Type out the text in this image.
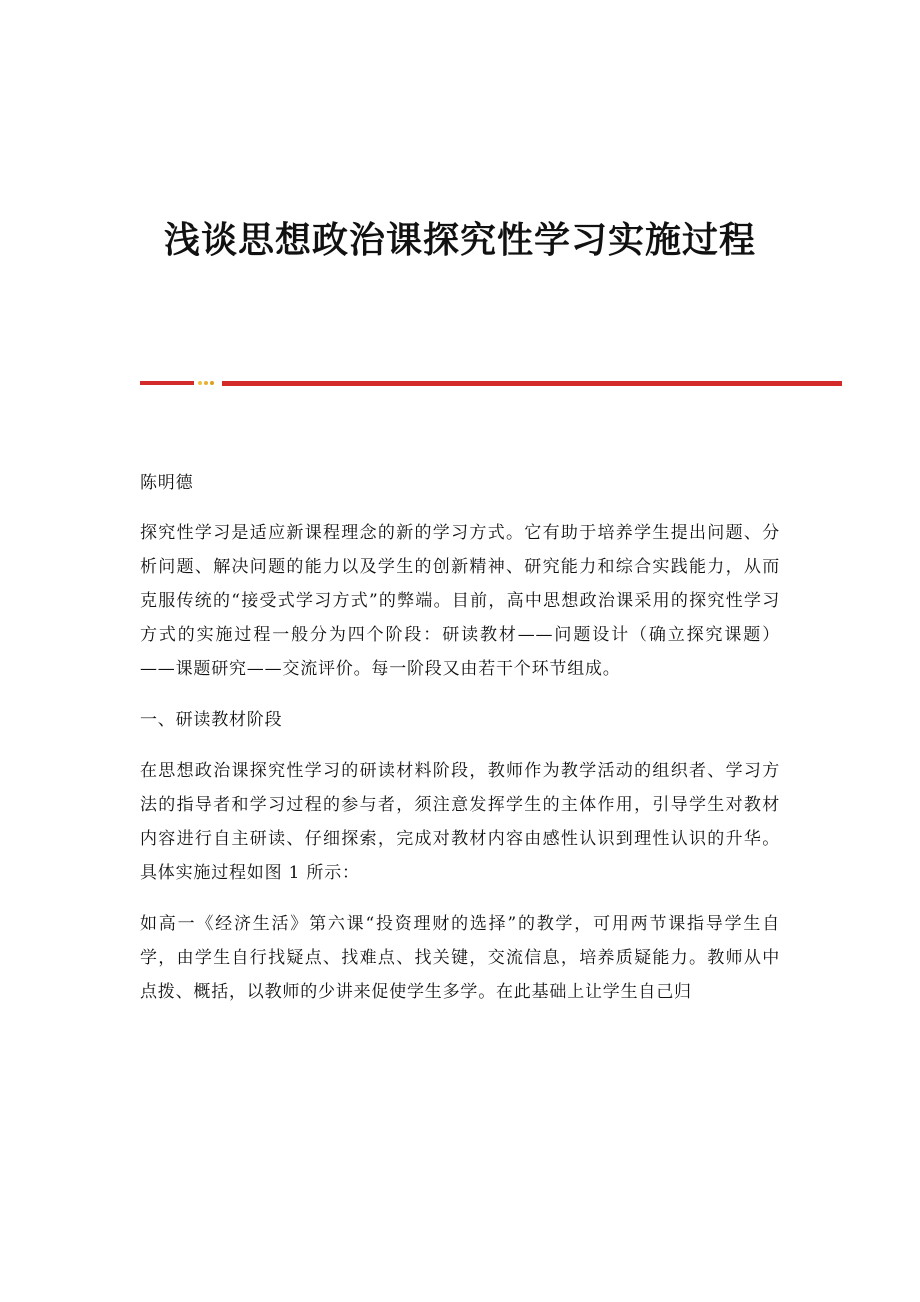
浅谈思想政治课探究性学习实施过程

陈明德

探究性学习是适应新课程理念的新的学习方式。它有助于培养学生提出问题、分析问题、解决问题的能力以及学生的创新精神、研究能力和综合实践能力，从而克服传统的“接受式学习方式”的弊端。目前，高中思想政治课采用的探究性学习方式的实施过程一般分为四个阶段：研读教材——问题设计（确立探究课题）——课题研究——交流评价。每一阶段又由若干个环节组成。

一、研读教材阶段

在思想政治课探究性学习的研读材料阶段，教师作为教学活动的组织者、学习方法的指导者和学习过程的参与者，须注意发挥学生的主体作用，引导学生对教材内容进行自主研读、仔细探索，完成对教材内容由感性认识到理性认识的升华。具体实施过程如图 1 所示：

如高一《经济生活》第六课“投资理财的选择”的教学，可用两节课指导学生自学，由学生自行找疑点、找难点、找关键，交流信息，培养质疑能力。教师从中点拨、概括，以教师的少讲来促使学生多学。在此基础上让学生自己归
